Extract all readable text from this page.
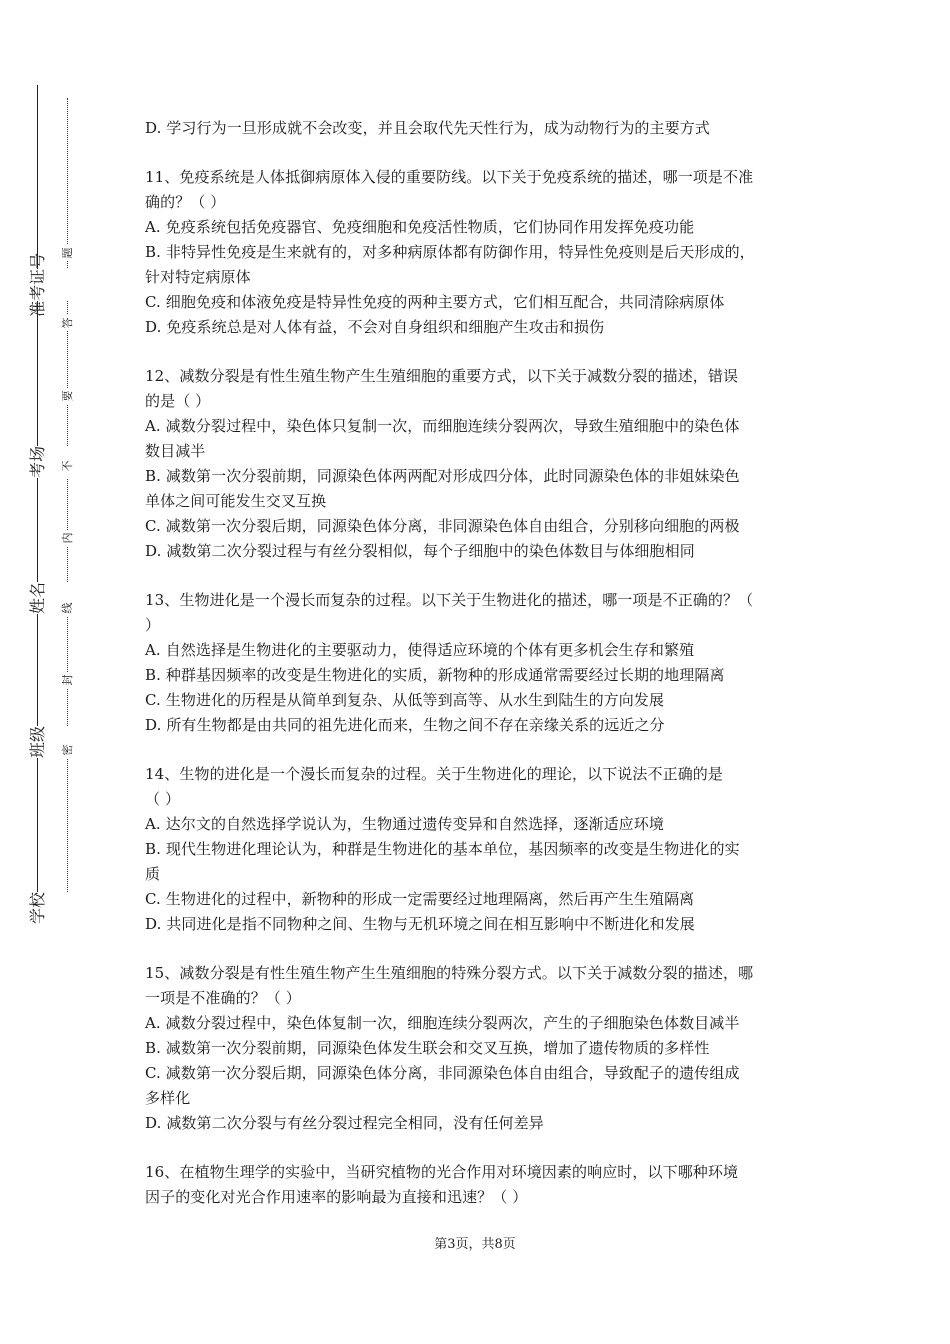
准考证号
考场
姓名
班级
学校
题
答
要
不
内
线
封
密
D. 学习行为一旦形成就不会改变，并且会取代先天性行为，成为动物行为的主要方式
11、免疫系统是人体抵御病原体入侵的重要防线。以下关于免疫系统的描述，哪一项是不准
确的？（ ）
A. 免疫系统包括免疫器官、免疫细胞和免疫活性物质，它们协同作用发挥免疫功能
B. 非特异性免疫是生来就有的，对多种病原体都有防御作用，特异性免疫则是后天形成的，
针对特定病原体
C. 细胞免疫和体液免疫是特异性免疫的两种主要方式，它们相互配合，共同清除病原体
D. 免疫系统总是对人体有益，不会对自身组织和细胞产生攻击和损伤
12、减数分裂是有性生殖生物产生生殖细胞的重要方式，以下关于减数分裂的描述，错误
的是（ ）
A. 减数分裂过程中，染色体只复制一次，而细胞连续分裂两次，导致生殖细胞中的染色体
数目减半
B. 减数第一次分裂前期，同源染色体两两配对形成四分体，此时同源染色体的非姐妹染色
单体之间可能发生交叉互换
C. 减数第一次分裂后期，同源染色体分离，非同源染色体自由组合，分别移向细胞的两极
D. 减数第二次分裂过程与有丝分裂相似，每个子细胞中的染色体数目与体细胞相同
13、生物进化是一个漫长而复杂的过程。以下关于生物进化的描述，哪一项是不正确的？（
）
A. 自然选择是生物进化的主要驱动力，使得适应环境的个体有更多机会生存和繁殖
B. 种群基因频率的改变是生物进化的实质，新物种的形成通常需要经过长期的地理隔离
C. 生物进化的历程是从简单到复杂、从低等到高等、从水生到陆生的方向发展
D. 所有生物都是由共同的祖先进化而来，生物之间不存在亲缘关系的远近之分
14、生物的进化是一个漫长而复杂的过程。关于生物进化的理论，以下说法不正确的是
（ ）
A. 达尔文的自然选择学说认为，生物通过遗传变异和自然选择，逐渐适应环境
B. 现代生物进化理论认为，种群是生物进化的基本单位，基因频率的改变是生物进化的实
质
C. 生物进化的过程中，新物种的形成一定需要经过地理隔离，然后再产生生殖隔离
D. 共同进化是指不同物种之间、生物与无机环境之间在相互影响中不断进化和发展
15、减数分裂是有性生殖生物产生生殖细胞的特殊分裂方式。以下关于减数分裂的描述，哪
一项是不准确的？（ ）
A. 减数分裂过程中，染色体复制一次，细胞连续分裂两次，产生的子细胞染色体数目减半
B. 减数第一次分裂前期，同源染色体发生联会和交叉互换，增加了遗传物质的多样性
C. 减数第一次分裂后期，同源染色体分离，非同源染色体自由组合，导致配子的遗传组成
多样化
D. 减数第二次分裂与有丝分裂过程完全相同，没有任何差异
16、在植物生理学的实验中，当研究植物的光合作用对环境因素的响应时，以下哪种环境
因子的变化对光合作用速率的影响最为直接和迅速？（ ）
第3页，共8页
